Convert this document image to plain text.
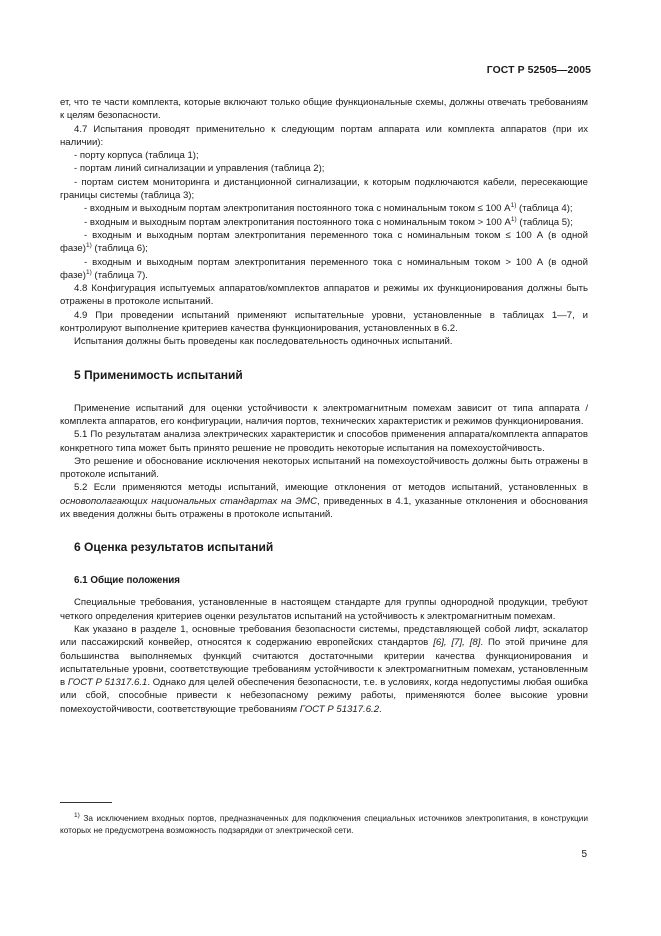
ГОСТ Р 52505—2005

ет, что те части комплекта, которые включают только общие функциональные схемы, должны отвечать требованиям к целям безопасности.

4.7 Испытания проводят применительно к следующим портам аппарата или комплекта аппаратов (при их наличии):

- порту корпуса (таблица 1);

- портам линий сигнализации и управления (таблица 2);

- портам систем мониторинга и дистанционной сигнализации, к которым подключаются кабели, пересекающие границы системы (таблица 3);

- входным и выходным портам электропитания постоянного тока с номинальным током ≤ 100 $А^{1)}$ (таблица 4);

- входным и выходным портам электропитания постоянного тока с номинальным током > 100 $А^{1)}$ (таблица 5);

- входным и выходным портам электропитания переменного тока с номинальным током ≤ 100 А (в одной фазе)$^{1)}$ (таблица 6);

- входным и выходным портам электропитания переменного тока с номинальным током > 100 А (в одной фазе)$^{1)}$ (таблица 7).

4.8 Конфигурация испытуемых аппаратов/комплектов аппаратов и режимы их функционирования должны быть отражены в протоколе испытаний.

4.9 При проведении испытаний применяют испытательные уровни, установленные в таблицах 1—7, и контролируют выполнение критериев качества функционирования, установленных в 6.2.

Испытания должны быть проведены как последовательность одиночных испытаний.

5 Применимость испытаний

Применение испытаний для оценки устойчивости к электромагнитным помехам зависит от типа аппарата / комплекта аппаратов, его конфигурации, наличия портов, технических характеристик и режимов функционирования.

5.1 По результатам анализа электрических характеристик и способов применения аппарата/комплекта аппаратов конкретного типа может быть принято решение не проводить некоторые испытания на помехоустойчивость.

Это решение и обоснование исключения некоторых испытаний на помехоустойчивость должны быть отражены в протоколе испытаний.

5.2 Если применяются методы испытаний, имеющие отклонения от методов испытаний, установленных в основополагающих национальных стандартах на ЭМС, приведенных в 4.1, указанные отклонения и обоснования их введения должны быть отражены в протоколе испытаний.

6 Оценка результатов испытаний
6.1 Общие положения

Специальные требования, установленные в настоящем стандарте для группы однородной продукции, требуют четкого определения критериев оценки результатов испытаний на устойчивость к электромагнитным помехам.

Как указано в разделе 1, основные требования безопасности системы, представляющей собой лифт, эскалатор или пассажирский конвейер, относятся к содержанию европейских стандартов [6], [7], [8]. По этой причине для большинства выполняемых функций считаются достаточными критерии качества функционирования и испытательные уровни, соответствующие требованиям устойчивости к электромагнитным помехам, установленным в ГОСТ Р 51317.6.1. Однако для целей обеспечения безопасности, т.е. в условиях, когда недопустимы любая ошибка или сбой, способные привести к небезопасному режиму работы, применяются более высокие уровни помехоустойчивости, соответствующие требованиям ГОСТ Р 51317.6.2.

$^{1)}$ За исключением входных портов, предназначенных для подключения специальных источников электропитания, в конструкции которых не предусмотрена возможность подзарядки от электрической сети.

5
